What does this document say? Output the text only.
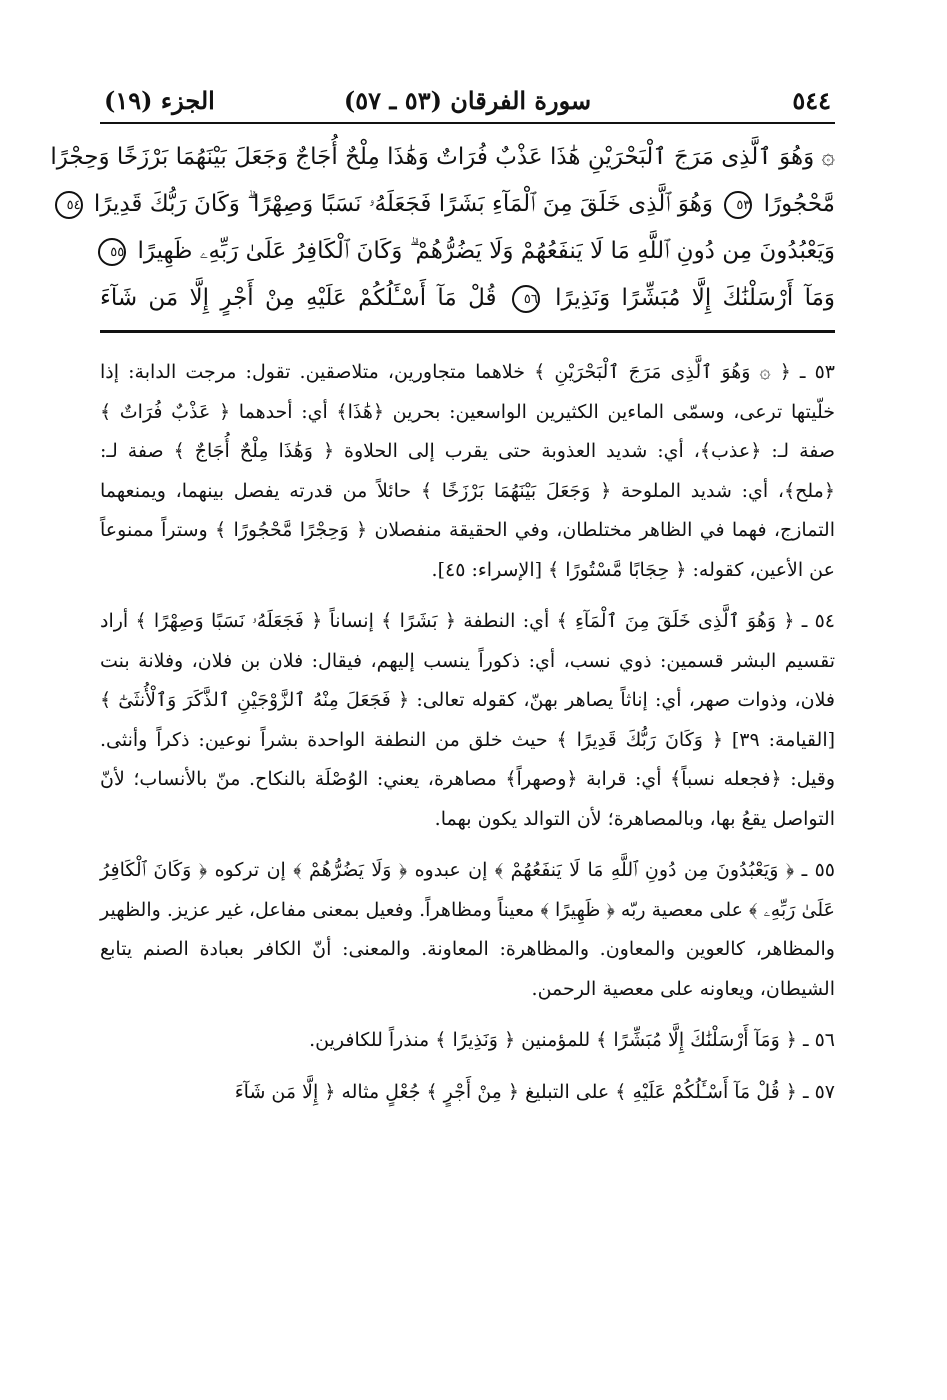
٥٤٤
سورة الفرقان (٥٣ ـ ٥٧)
الجزء (١٩)
۞ وَهُوَ ٱلَّذِى مَرَجَ ٱلْبَحْرَيْنِ هَٰذَا عَذْبٌ فُرَاتٌ وَهَٰذَا مِلْحٌ أُجَاجٌ وَجَعَلَ بَيْنَهُمَا بَرْزَخًا وَحِجْرًا
مَّحْجُورًا ٥٣ وَهُوَ ٱلَّذِى خَلَقَ مِنَ ٱلْمَآءِ بَشَرًا فَجَعَلَهُۥ نَسَبًا وَصِهْرًا ۗ وَكَانَ رَبُّكَ قَدِيرًا ٥٤
وَيَعْبُدُونَ مِن دُونِ ٱللَّهِ مَا لَا يَنفَعُهُمْ وَلَا يَضُرُّهُمْ ۗ وَكَانَ ٱلْكَافِرُ عَلَىٰ رَبِّهِۦ ظَهِيرًا ٥٥
وَمَآ أَرْسَلْنَٰكَ إِلَّا مُبَشِّرًا وَنَذِيرًا ٥٦ قُلْ مَآ أَسْـَٔلُكُمْ عَلَيْهِ مِنْ أَجْرٍ إِلَّا مَن شَآءَ

٥٣ ـ ﴿ ۞ وَهُوَ ٱلَّذِى مَرَجَ ٱلْبَحْرَيْنِ ﴾ خلاهما متجاورين، متلاصقين. تقول: مرجت الدابة: إذا خلّيتها ترعى، وسمّى الماءين الكثيرين الواسعين: بحرين ﴿هَٰذَا﴾ أي: أحدهما ﴿ عَذْبٌ فُرَاتٌ ﴾ صفة لـ: ﴿عذب﴾، أي: شديد العذوبة حتى يقرب إلى الحلاوة ﴿ وَهَٰذَا مِلْحٌ أُجَاجٌ ﴾ صفة لـ: ﴿ملح﴾، أي: شديد الملوحة ﴿ وَجَعَلَ بَيْنَهُمَا بَرْزَخًا ﴾ حائلاً من قدرته يفصل بينهما، ويمنعهما التمازج، فهما في الظاهر مختلطان، وفي الحقيقة منفصلان ﴿ وَحِجْرًا مَّحْجُورًا ﴾ وستراً ممنوعاً عن الأعين، كقوله: ﴿ حِجَابًا مَّسْتُورًا ﴾ [الإسراء: ٤٥].

٥٤ ـ ﴿ وَهُوَ ٱلَّذِى خَلَقَ مِنَ ٱلْمَآءِ ﴾ أي: النطفة ﴿ بَشَرًا ﴾ إنساناً ﴿ فَجَعَلَهُۥ نَسَبًا وَصِهْرًا ﴾ أراد تقسيم البشر قسمين: ذوي نسب، أي: ذكوراً ينسب إليهم، فيقال: فلان بن فلان، وفلانة بنت فلان، وذوات صهر، أي: إناثاً يصاهر بهنّ، كقوله تعالى: ﴿ فَجَعَلَ مِنْهُ ٱلزَّوْجَيْنِ ٱلذَّكَرَ وَٱلْأُنثَىٰٓ ﴾ [القيامة: ٣٩] ﴿ وَكَانَ رَبُّكَ قَدِيرًا ﴾ حيث خلق من النطفة الواحدة بشراً نوعين: ذكراً وأنثى. وقيل: ﴿فجعله نسباً﴾ أي: قرابة ﴿وصهراً﴾ مصاهرة، يعني: الوُصْلَة بالنكاح. منّ بالأنساب؛ لأنّ التواصل يقعُ بها، وبالمصاهرة؛ لأن التوالد يكون بهما.

٥٥ ـ ﴿ وَيَعْبُدُونَ مِن دُونِ ٱللَّهِ مَا لَا يَنفَعُهُمْ ﴾ إن عبدوه ﴿ وَلَا يَضُرُّهُمْ ﴾ إن تركوه ﴿ وَكَانَ ٱلْكَافِرُ عَلَىٰ رَبِّهِۦ ﴾ على معصية ربّه ﴿ ظَهِيرًا ﴾ معيناً ومظاهراً. وفعيل بمعنى مفاعل، غير عزيز. والظهير والمظاهر، كالعوين والمعاون. والمظاهرة: المعاونة. والمعنى: أنّ الكافر بعبادة الصنم يتابع الشيطان، ويعاونه على معصية الرحمن.

٥٦ ـ ﴿ وَمَآ أَرْسَلْنَٰكَ إِلَّا مُبَشِّرًا ﴾ للمؤمنين ﴿ وَنَذِيرًا ﴾ منذراً للكافرين.

٥٧ ـ ﴿ قُلْ مَآ أَسْـَٔلُكُمْ عَلَيْهِ ﴾ على التبليغ ﴿ مِنْ أَجْرٍ ﴾ جُعْلٍ مثاله ﴿ إِلَّا مَن شَآءَ
